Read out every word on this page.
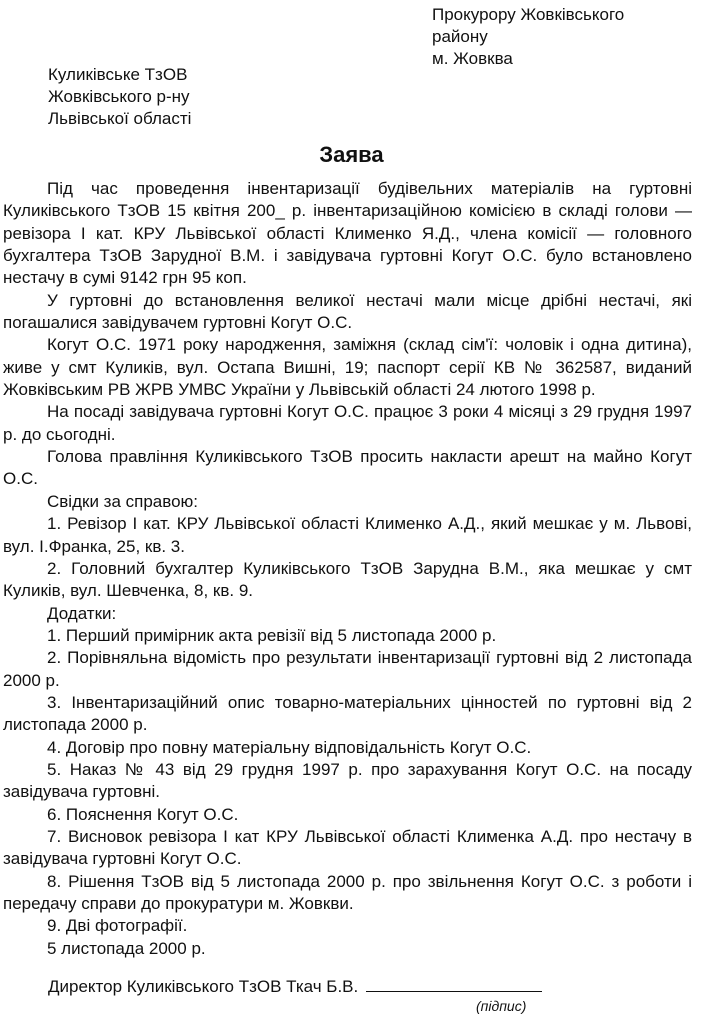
Прокурору Жовківського
району
м. Жовква
Куликівське ТзОВ
Жовківського р-ну
Львівської області
Заява

Під час проведення інвентаризації будівельних матеріалів на гуртовні Куликівського ТзОВ 15 квітня 200_ р. інвентаризаційною комісією в складі голови — ревізора І кат. КРУ Львівської області Клименко Я.Д., члена комісії — головного бухгалтера ТзОВ Зарудної В.М. і завідувача гуртовні Когут О.С. було встановлено нестачу в сумі 9142 грн 95 коп.

У гуртовні до встановлення великої нестачі мали місце дрібні нестачі, які погашалися завідувачем гуртовні Когут О.С.

Когут О.С. 1971 року народження, заміжня (склад сім'ї: чоловік і одна дитина), живе у смт Куликів, вул. Остапа Вишні, 19; паспорт серії КВ № 362587, виданий Жовківським РВ ЖРВ УМВС України у Львівській області 24 лютого 1998 р.

На посаді завідувача гуртовні Когут О.С. працює 3 роки 4 місяці з 29 грудня 1997 р. до сьогодні.

Голова правління Куликівського ТзОВ просить накласти арешт на майно Когут О.С.

Свідки за справою:

1. Ревізор І кат. КРУ Львівської області Клименко А.Д., який мешкає у м. Львові, вул. І.Франка, 25, кв. 3.

2. Головний бухгалтер Куликівського ТзОВ Зарудна В.М., яка мешкає у смт Куликів, вул. Шевченка, 8, кв. 9.

Додатки:

1. Перший примірник акта ревізії від 5 листопада 2000 р.

2. Порівняльна відомість про результати інвентаризації гуртовні від 2 листопада 2000 р.

3. Інвентаризаційний опис товарно-матеріальних цінностей по гуртовні від 2 листопада 2000 р.

4. Договір про повну матеріальну відповідальність Когут О.С.

5. Наказ № 43 від 29 грудня 1997 р. про зарахування Когут О.С. на посаду завідувача гуртовні.

6. Пояснення Когут О.С.

7. Висновок ревізора І кат КРУ Львівської області Клименка А.Д. про нестачу в завідувача гуртовні Когут О.С.

8. Рішення ТзОВ від 5 листопада 2000 р. про звільнення Когут О.С. з роботи і передачу справи до прокуратури м. Жовкви.

9. Дві фотографії.

5 листопада 2000 р.

Директор Куликівського ТзОВ Ткач Б.В.
(підпис)
